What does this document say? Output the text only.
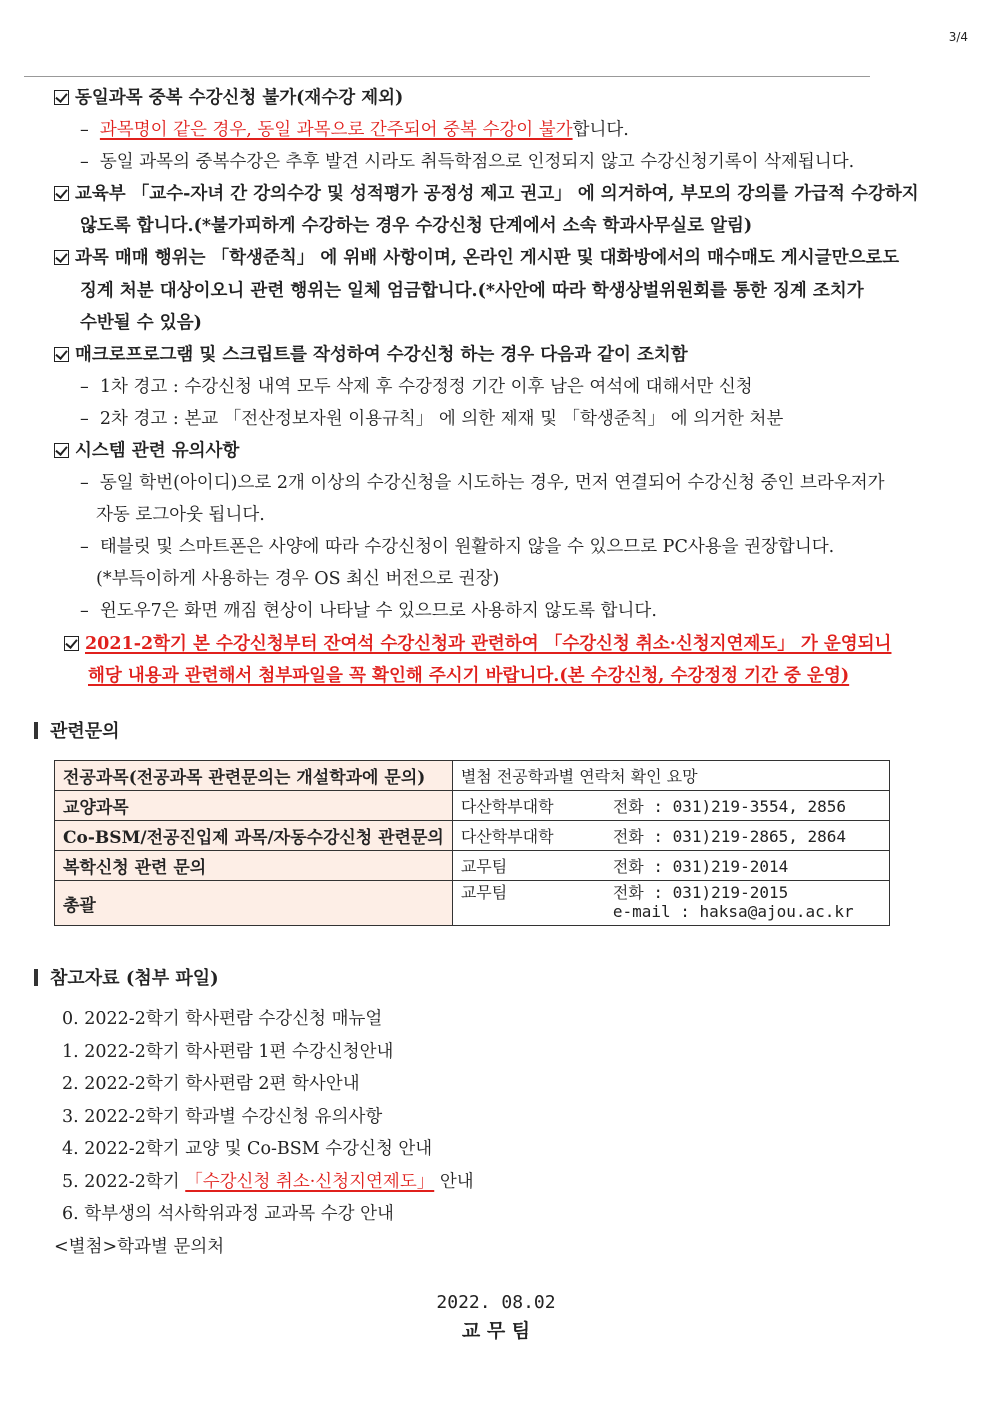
3/4
동일과목 중복 수강신청 불가(재수강 제외)
–  과목명이 같은 경우, 동일 과목으로 간주되어 중복 수강이 불가합니다.
–  동일 과목의 중복수강은 추후 발견 시라도 취득학점으로 인정되지 않고 수강신청기록이 삭제됩니다.
교육부 「교수-자녀 간 강의수강 및 성적평가 공정성 제고 권고」 에 의거하여, 부모의 강의를 가급적 수강하지
않도록 합니다.(*불가피하게 수강하는 경우 수강신청 단계에서 소속 학과사무실로 알림)
과목 매매 행위는 「학생준칙」 에 위배 사항이며, 온라인 게시판 및 대화방에서의 매수매도 게시글만으로도
징계 처분 대상이오니 관련 행위는 일체 엄금합니다.(*사안에 따라 학생상벌위원회를 통한 징계 조치가
수반될 수 있음)
매크로프로그램 및 스크립트를 작성하여 수강신청 하는 경우 다음과 같이 조치함
–  1차 경고 : 수강신청 내역 모두 삭제 후 수강정정 기간 이후 남은 여석에 대해서만 신청
–  2차 경고 : 본교 「전산정보자원 이용규칙」 에 의한 제재 및 「학생준칙」 에 의거한 처분
시스템 관련 유의사항
–  동일 학번(아이디)으로 2개 이상의 수강신청을 시도하는 경우, 먼저 연결되어 수강신청 중인 브라우저가
자동 로그아웃 됩니다.
–  태블릿 및 스마트폰은 사양에 따라 수강신청이 원활하지 않을 수 있으므로 PC사용을 권장합니다.
(*부득이하게 사용하는 경우 OS 최신 버전으로 권장)
–  윈도우7은 화면 깨짐 현상이 나타날 수 있으므로 사용하지 않도록 합니다.
2021-2학기 본 수강신청부터 잔여석 수강신청과 관련하여 「수강신청 취소·신청지연제도」 가 운영되니
해당 내용과 관련해서 첨부파일을 꼭 확인해 주시기 바랍니다.(본 수강신청, 수강정정 기간 중 운영)
관련문의
전공과목(전공과목 관련문의는 개설학과에 문의)	별첨 전공학과별 연락처 확인 요망
교양과목	다산학부대학 전화 : 031)219-3554, 2856
Co-BSM/전공진입제 과목/자동수강신청 관련문의	다산학부대학 전화 : 031)219-2865, 2864
복학신청 관련 문의	교무팀 전화 : 031)219-2014
총괄	교무팀 전화 : 031)219-2015
e-mail : haksa@ajou.ac.kr
참고자료 (첨부 파일)
0. 2022-2학기 학사편람 수강신청 매뉴얼
1. 2022-2학기 학사편람 1편 수강신청안내
2. 2022-2학기 학사편람 2편 학사안내
3. 2022-2학기 학과별 수강신청 유의사항
4. 2022-2학기 교양 및 Co-BSM 수강신청 안내
5. 2022-2학기 「수강신청 취소·신청지연제도」 안내
6. 학부생의 석사학위과정 교과목 수강 안내
<별첨>학과별 문의처
2022. 08.02
교 무 팀
